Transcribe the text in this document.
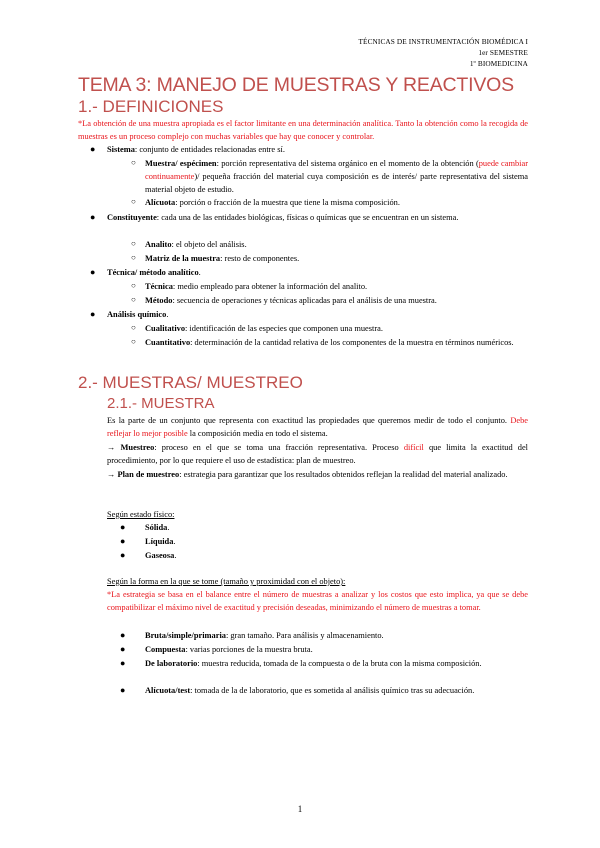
TÉCNICAS DE INSTRUMENTACIÓN BIOMÉDICA I
1er SEMESTRE
1º BIOMEDICINA
TEMA 3: MANEJO DE MUESTRAS Y REACTIVOS
1.- DEFINICIONES

*La obtención de una muestra apropiada es el factor limitante en una determinación analítica. Tanto la obtención como la recogida de muestras es un proceso complejo con muchas variables que hay que conocer y controlar.

● Sistema: conjunto de entidades relacionadas entre sí.

○ Muestra/ espécimen: porción representativa del sistema orgánico en el momento de la obtención (puede cambiar continuamente)/ pequeña fracción del material cuya composición es de interés/ parte representativa del sistema material objeto de estudio.

○ Alícuota: porción o fracción de la muestra que tiene la misma composición.

● Constituyente: cada una de las entidades biológicas, físicas o químicas que se encuentran en un sistema.

○ Analito: el objeto del análisis.

○ Matriz de la muestra: resto de componentes.

● Técnica/ método analítico.

○ Técnica: medio empleado para obtener la información del analito.

○ Método: secuencia de operaciones y técnicas aplicadas para el análisis de una muestra.

● Análisis químico.

○ Cualitativo: identificación de las especies que componen una muestra.

○ Cuantitativo: determinación de la cantidad relativa de los componentes de la muestra en términos numéricos.

2.- MUESTRAS/ MUESTREO
2.1.- MUESTRA

Es la parte de un conjunto que representa con exactitud las propiedades que queremos medir de todo el conjunto. Debe reflejar lo mejor posible la composición media en todo el sistema.

→ Muestreo: proceso en el que se toma una fracción representativa. Proceso difícil que limita la exactitud del procedimiento, por lo que requiere el uso de estadística: plan de muestreo.

→ Plan de muestreo: estrategia para garantizar que los resultados obtenidos reflejan la realidad del material analizado.

Según estado físico:

● Sólida.

● Líquida.

● Gaseosa.

Según la forma en la que se tome (tamaño y proximidad con el objeto):

*La estrategia se basa en el balance entre el número de muestras a analizar y los costos que esto implica, ya que se debe compatibilizar el máximo nivel de exactitud y precisión deseadas, minimizando el número de muestras a tomar.

● Bruta/simple/primaria: gran tamaño. Para análisis y almacenamiento.

● Compuesta: varias porciones de la muestra bruta.

● De laboratorio: muestra reducida, tomada de la compuesta o de la bruta con la misma composición.

● Alícuota/test: tomada de la de laboratorio, que es sometida al análisis químico tras su adecuación.

1
